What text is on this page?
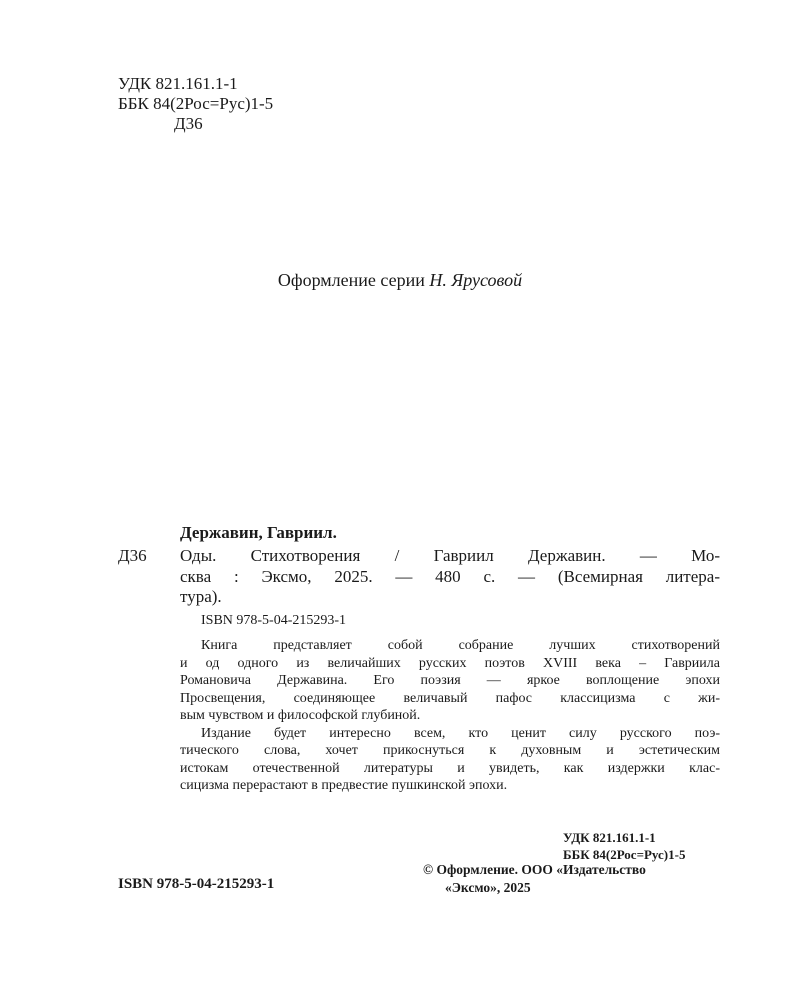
УДК 821.161.1-1
ББК 84(2Рос=Рус)1-5
Д36
Оформление серии Н. Ярусовой
Державин, Гавриил.
Д36 Оды. Стихотворения / Гавриил Державин. — Мо-
сква : Эксмо, 2025. — 480 с. — (Всемирная литера-
тура).
ISBN 978-5-04-215293-1
Книга представляет собой собрание лучших стихотворений
и од одного из величайших русских поэтов XVIII века – Гавриила
Романовича Державина. Его поэзия — яркое воплощение эпохи
Просвещения, соединяющее величавый пафос классицизма с жи-
вым чувством и философской глубиной.
Издание будет интересно всем, кто ценит силу русского поэ-
тического слова, хочет прикоснуться к духовным и эстетическим
истокам отечественной литературы и увидеть, как издержки клас-
сицизма перерастают в предвестие пушкинской эпохи.
УДК 821.161.1-1
ББК 84(2Рос=Рус)1-5
ISBN 978-5-04-215293-1
© Оформление. ООО «Издательство
«Эксмо», 2025
